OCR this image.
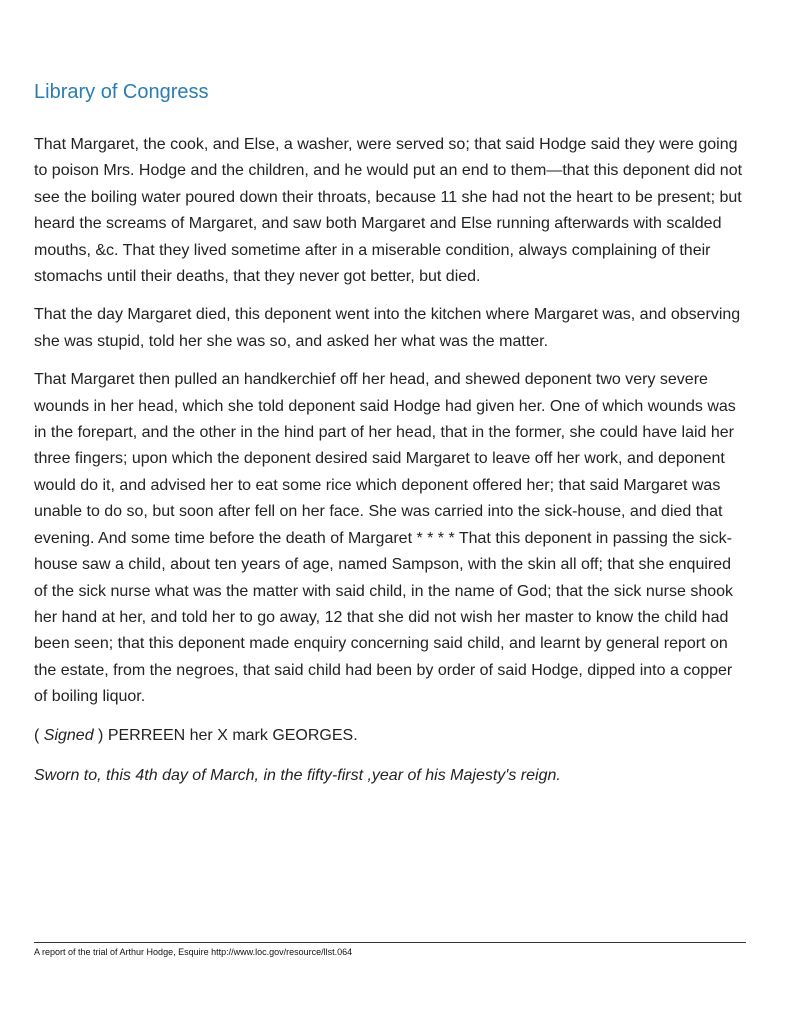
Library of Congress

That Margaret, the cook, and Else, a washer, were served so; that said Hodge said they were going to poison Mrs. Hodge and the children, and he would put an end to them—that this deponent did not see the boiling water poured down their throats, because 11 she had not the heart to be present; but heard the screams of Margaret, and saw both Margaret and Else running afterwards with scalded mouths, &c. That they lived sometime after in a miserable condition, always complaining of their stomachs until their deaths, that they never got better, but died.

That the day Margaret died, this deponent went into the kitchen where Margaret was, and observing she was stupid, told her she was so, and asked her what was the matter.

That Margaret then pulled an handkerchief off her head, and shewed deponent two very severe wounds in her head, which she told deponent said Hodge had given her. One of which wounds was in the forepart, and the other in the hind part of her head, that in the former, she could have laid her three fingers; upon which the deponent desired said Margaret to leave off her work, and deponent would do it, and advised her to eat some rice which deponent offered her; that said Margaret was unable to do so, but soon after fell on her face. She was carried into the sick-house, and died that evening. And some time before the death of Margaret * * * * That this deponent in passing the sick-house saw a child, about ten years of age, named Sampson, with the skin all off; that she enquired of the sick nurse what was the matter with said child, in the name of God; that the sick nurse shook her hand at her, and told her to go away, 12 that she did not wish her master to know the child had been seen; that this deponent made enquiry concerning said child, and learnt by general report on the estate, from the negroes, that said child had been by order of said Hodge, dipped into a copper of boiling liquor.

( Signed ) PERREEN her X mark GEORGES.

Sworn to, this 4th day of March, in the fifty-first ,year of his Majesty's reign.

A report of the trial of Arthur Hodge, Esquire http://www.loc.gov/resource/llst.064
